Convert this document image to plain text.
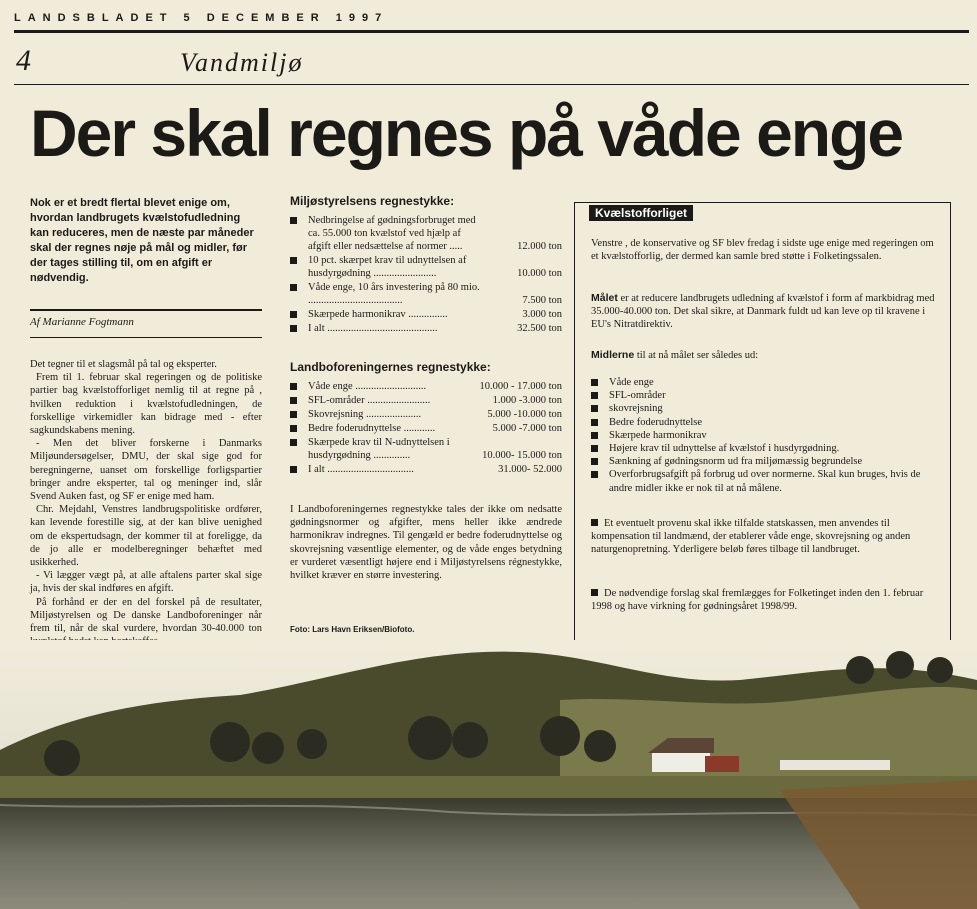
LANDSBLADET 5 DECEMBER 1997
4	Vandmiljø
Der skal regnes på våde enge

Nok er et bredt flertal blevet enige om, hvordan landbrugets kvælstofudledning kan reduceres, men de næste par måneder skal der regnes nøje på mål og midler, før der tages stilling til, om en afgift er nødvendig.

Af Marianne Fogtmann

Det tegner til et slagsmål på tal og eksperter.

Frem til 1. februar skal regeringen og de politiske partier bag kvælstofforliget nemlig til at regne på , hvilken reduktion i kvælstofudledningen, de forskellige virkemidler kan bidrage med - efter sagkundskabens mening.

- Men det bliver forskerne i Danmarks Miljøundersøgelser, DMU, der skal sige god for beregningerne, uanset om forskellige forligspartier bringer andre eksperter, tal og meninger ind, slår Svend Auken fast, og SF er enige med ham.

Chr. Mejdahl, Venstres landbrugspolitiske ordfører, kan levende forestille sig, at der kan blive uenighed om de ekspertudsagn, der kommer til at foreligge, da de jo alle er modelberegninger behæftet med usikkerhed.

- Vi lægger vægt på, at alle aftalens parter skal sige ja, hvis der skal indføres en afgift.

På forhånd er der en del forskel på de resultater, Miljøstyrelsen og De danske Landboforeninger når frem til, når de skal vurdere, hvordan 30-40.000 ton

Miljøstyrelsens regnestykke:
Nedbringelse af gødningsforbruget med ca. 55.000 ton kvælstof ved hjælp af afgift eller nedsættelse af normer .....	12.000 ton
10 pct. skærpet krav til udnyttelsen af husdyrgødning ........................	10.000 ton
Våde enge, 10 års investering på 80 mio. ....................................	7.500 ton
Skærpede harmonikrav ...............	3.000 ton
I alt ..........................................	32.500 ton
Landboforeningernes regnestykke:
Våde enge ...........................	10.000 - 17.000 ton
SFL-områder ........................	1.000 -3.000 ton
Skovrejsning .....................	5.000 -10.000 ton
Bedre foderudnyttelse ............	5.000 -7.000 ton
Skærpede krav til N-udnyttelsen i husdyrgødning ..............	10.000- 15.000 ton
I alt .................................	31.000- 52.000

I Landboforeningernes regnestykke tales der ikke om nedsatte gødningsnormer og afgifter, mens heller ikke ændrede harmonikrav indregnes. Til gengæld er bedre foderudnyttelse og skovrejsning væsentlige elementer, og de våde enges betydning er vurderet væsentligt højere end i Miljøstyrelsens régnestykke, hvilket kræver en større investering.

Foto: Lars Havn Eriksen/Biofoto.
Kvælstofforliget

Venstre , de konservative og SF blev fredag i sidste uge enige med regeringen om et kvælstofforlig, der dermed kan samle bred støtte i Folketingssalen.

Målet er at reducere landbrugets udledning af kvælstof i form af markbidrag med 35.000-40.000 ton. Det skal sikre, at Danmark fuldt ud kan leve op til kravene i EU's Nitratdirektiv.

Midlerne til at nå målet ser således ud:

Våde enge
SFL-områder
skovrejsning
Bedre foderudnyttelse
Skærpede harmonikrav
Højere krav til udnyttelse af kvælstof i husdyrgødning.
Sænkning af gødningsnorm ud fra miljømæssig begrundelse
Overforbrugsafgift på forbrug ud over normerne. Skal kun bruges, hvis de andre midler ikke er nok til at nå målene.

Et eventuelt provenu skal ikke tilfalde statskassen, men anvendes til kompensation til landmænd, der etablerer våde enge, skovrejsning og anden naturgenopretning. Yderligere beløb føres tilbage til landbruget.

De nødvendige forslag skal fremlægges for Folketinget inden den 1. februar 1998 og have virkning for gødningsåret 1998/99.
